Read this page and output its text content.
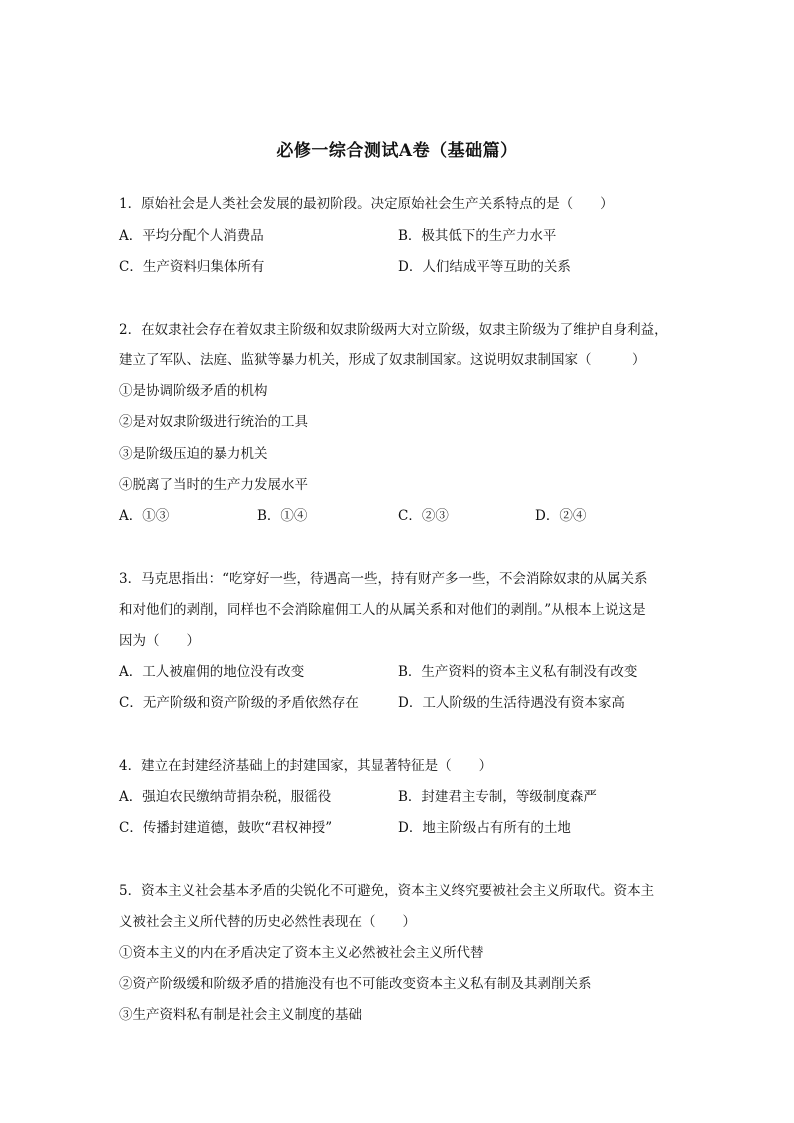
必修一综合测试A卷（基础篇）
1．原始社会是人类社会发展的最初阶段。决定原始社会生产关系特点的是（　　）
A．平均分配个人消费品	B．极其低下的生产力水平
C．生产资料归集体所有	D．人们结成平等互助的关系
2．在奴隶社会存在着奴隶主阶级和奴隶阶级两大对立阶级，奴隶主阶级为了维护自身利益，
建立了军队、法庭、监狱等暴力机关，形成了奴隶制国家。这说明奴隶制国家（　　　）
①是协调阶级矛盾的机构
②是对奴隶阶级进行统治的工具
③是阶级压迫的暴力机关
④脱离了当时的生产力发展水平
A．①③	B．①④	C．②③	D．②④
3．马克思指出：“吃穿好一些，待遇高一些，持有财产多一些，不会消除奴隶的从属关系
和对他们的剥削，同样也不会消除雇佣工人的从属关系和对他们的剥削。”从根本上说这是
因为（　　）
A．工人被雇佣的地位没有改变	B．生产资料的资本主义私有制没有改变
C．无产阶级和资产阶级的矛盾依然存在	D．工人阶级的生活待遇没有资本家高
4．建立在封建经济基础上的封建国家，其显著特征是（　　）
A．强迫农民缴纳苛捐杂税，服徭役	B．封建君主专制，等级制度森严
C．传播封建道德，鼓吹“君权神授”	D．地主阶级占有所有的土地
5．资本主义社会基本矛盾的尖锐化不可避免，资本主义终究要被社会主义所取代。资本主
义被社会主义所代替的历史必然性表现在（　　）
①资本主义的内在矛盾决定了资本主义必然被社会主义所代替
②资产阶级缓和阶级矛盾的措施没有也不可能改变资本主义私有制及其剥削关系
③生产资料私有制是社会主义制度的基础
